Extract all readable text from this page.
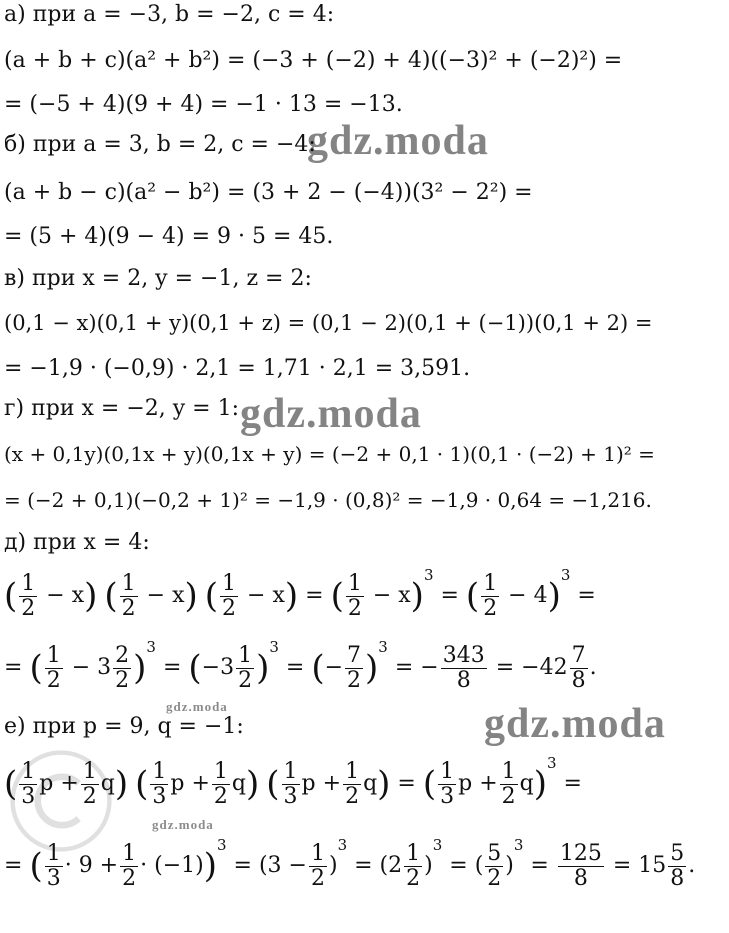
gdz.moda
gdz.moda
gdz.moda
gdz.moda
gdz.moda
а) при a = −3, b = −2, c = 4:
(a + b + c)(a² + b²) = (−3 + (−2) + 4)((−3)² + (−2)²) =
= (−5 + 4)(9 + 4) = −1 · 13 = −13.
б) при a = 3, b = 2, c = −4:
(a + b − c)(a² − b²) = (3 + 2 − (−4))(3² − 2²) =
= (5 + 4)(9 − 4) = 9 · 5 = 45.
в) при x = 2, y = −1, z = 2:
(0,1 − x)(0,1 + y)(0,1 + z) = (0,1 − 2)(0,1 + (−1))(0,1 + 2) =
= −1,9 · (−0,9) · 2,1 = 1,71 · 2,1 = 3,591.
г) при x = −2, y = 1:
(x + 0,1y)(0,1x + y)(0,1x + y) = (−2 + 0,1 · 1)(0,1 · (−2) + 1)² =
= (−2 + 0,1)(−0,2 + 1)² = −1,9 · (0,8)² = −1,9 · 0,64 = −1,216.
д) при x = 4:
( $\frac{1}{2} - x$) ( $\frac{1}{2} - x$) ( $\frac{1}{2} - x$) = ( $\frac{1}{2} - x)^3$ = ( $\frac{1}{2} - 4)^3$ =
= ( $\frac{1}{2} - 3 \frac{2}{2} )^3 = (-3 \frac{1}{2} )^3$ = (− $\frac{7}{2} )^3$ = − $\frac{343}{8} = -42 \frac{7}{8}$ .
е) при p = 9, q = −1:
( $\frac{1}{3}$ $p + \frac{1}{2} q$) ( $\frac{1}{3}$ $p + \frac{1}{2} q$) ( $\frac{1}{3}$ $p + \frac{1}{2} q$) = ( $\frac{1}{3}$ $p + \frac{1}{2} q)^3$ =
= ( $\frac{1}{3} \cdot 9 + \frac{1}{2} \cdot (-1))^3 = (3 - \frac{1}{2} )^3 = (2 \frac{1}{2} )^3$ = ( $\frac{5}{2} )^3 = \frac{125}{8} = 15 \frac{5}{8}$ .
